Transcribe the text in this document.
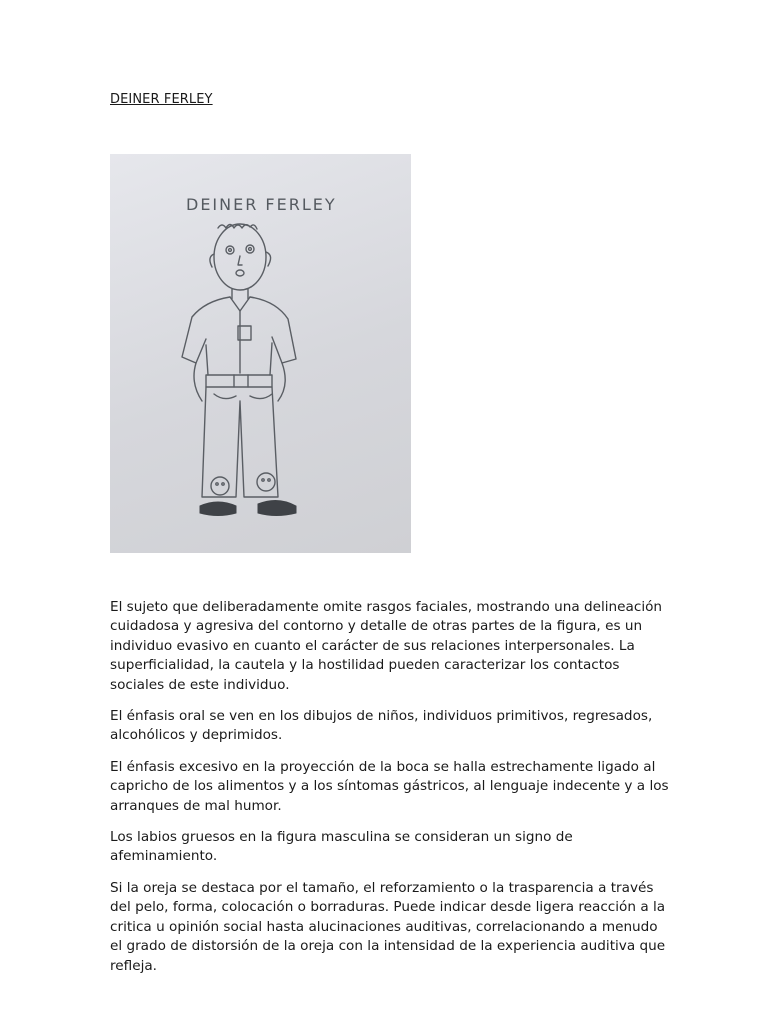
DEINER FERLEY
DEINER FERLEY

El sujeto que deliberadamente omite rasgos faciales, mostrando una delineación cuidadosa y agresiva del contorno y detalle de otras partes de la figura, es un individuo evasivo en cuanto el carácter de sus relaciones interpersonales. La superficialidad, la cautela y la hostilidad pueden caracterizar los contactos sociales de este individuo.

El énfasis oral se ven en los dibujos de niños, individuos primitivos, regresados, alcohólicos y deprimidos.

El énfasis excesivo en la proyección de la boca se halla estrechamente ligado al capricho de los alimentos y a los síntomas gástricos, al lenguaje indecente y a los arranques de mal humor.

Los labios gruesos en la figura masculina se consideran un signo de afeminamiento.

Si la oreja se destaca por el tamaño, el reforzamiento o la trasparencia a través del pelo, forma, colocación o borraduras. Puede indicar desde ligera reacción a la critica u opinión social hasta alucinaciones auditivas, correlacionando a menudo el grado de distorsión de la oreja con la intensidad de la experiencia auditiva que refleja.
